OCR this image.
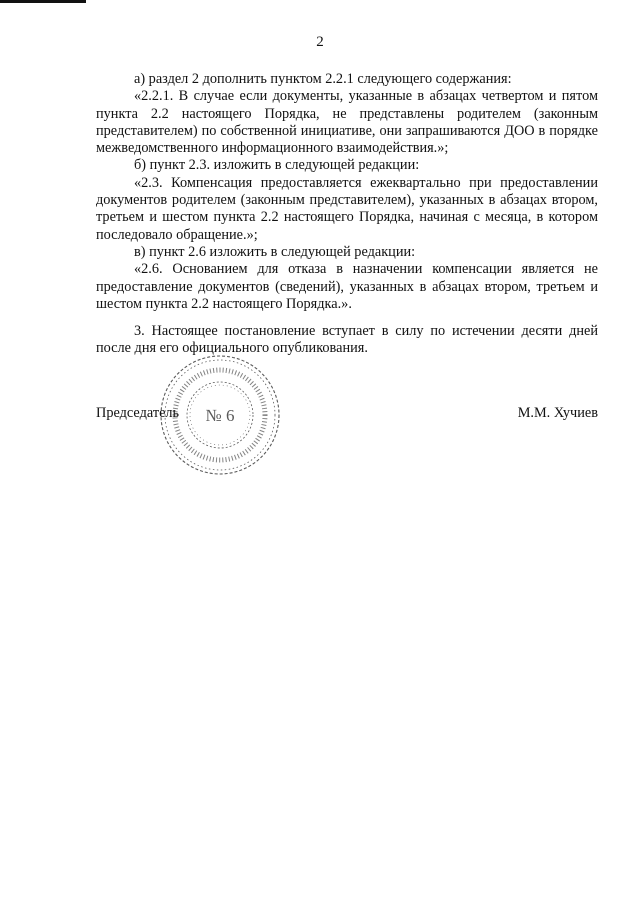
2

а) раздел 2 дополнить пунктом 2.2.1 следующего содержания:

«2.2.1. В случае если документы, указанные в абзацах четвертом и пятом пункта 2.2 настоящего Порядка, не представлены родителем (законным представителем) по собственной инициативе, они запрашиваются ДОО в порядке межведомственного информационного взаимодействия.»;

б) пункт 2.3. изложить в следующей редакции:

«2.3. Компенсация предоставляется ежеквартально при предоставлении документов родителем (законным представителем), указанных в абзацах втором, третьем и шестом пункта 2.2 настоящего Порядка, начиная с месяца, в котором последовало обращение.»;

в) пункт 2.6 изложить в следующей редакции:

«2.6. Основанием для отказа в назначении компенсации является не предоставление документов (сведений), указанных в абзацах втором, третьем и шестом пункта 2.2 настоящего Порядка.».

3. Настоящее постановление вступает в силу по истечении десяти дней после дня его официального опубликования.

№ 6
Председатель	М.М. Хучиев
